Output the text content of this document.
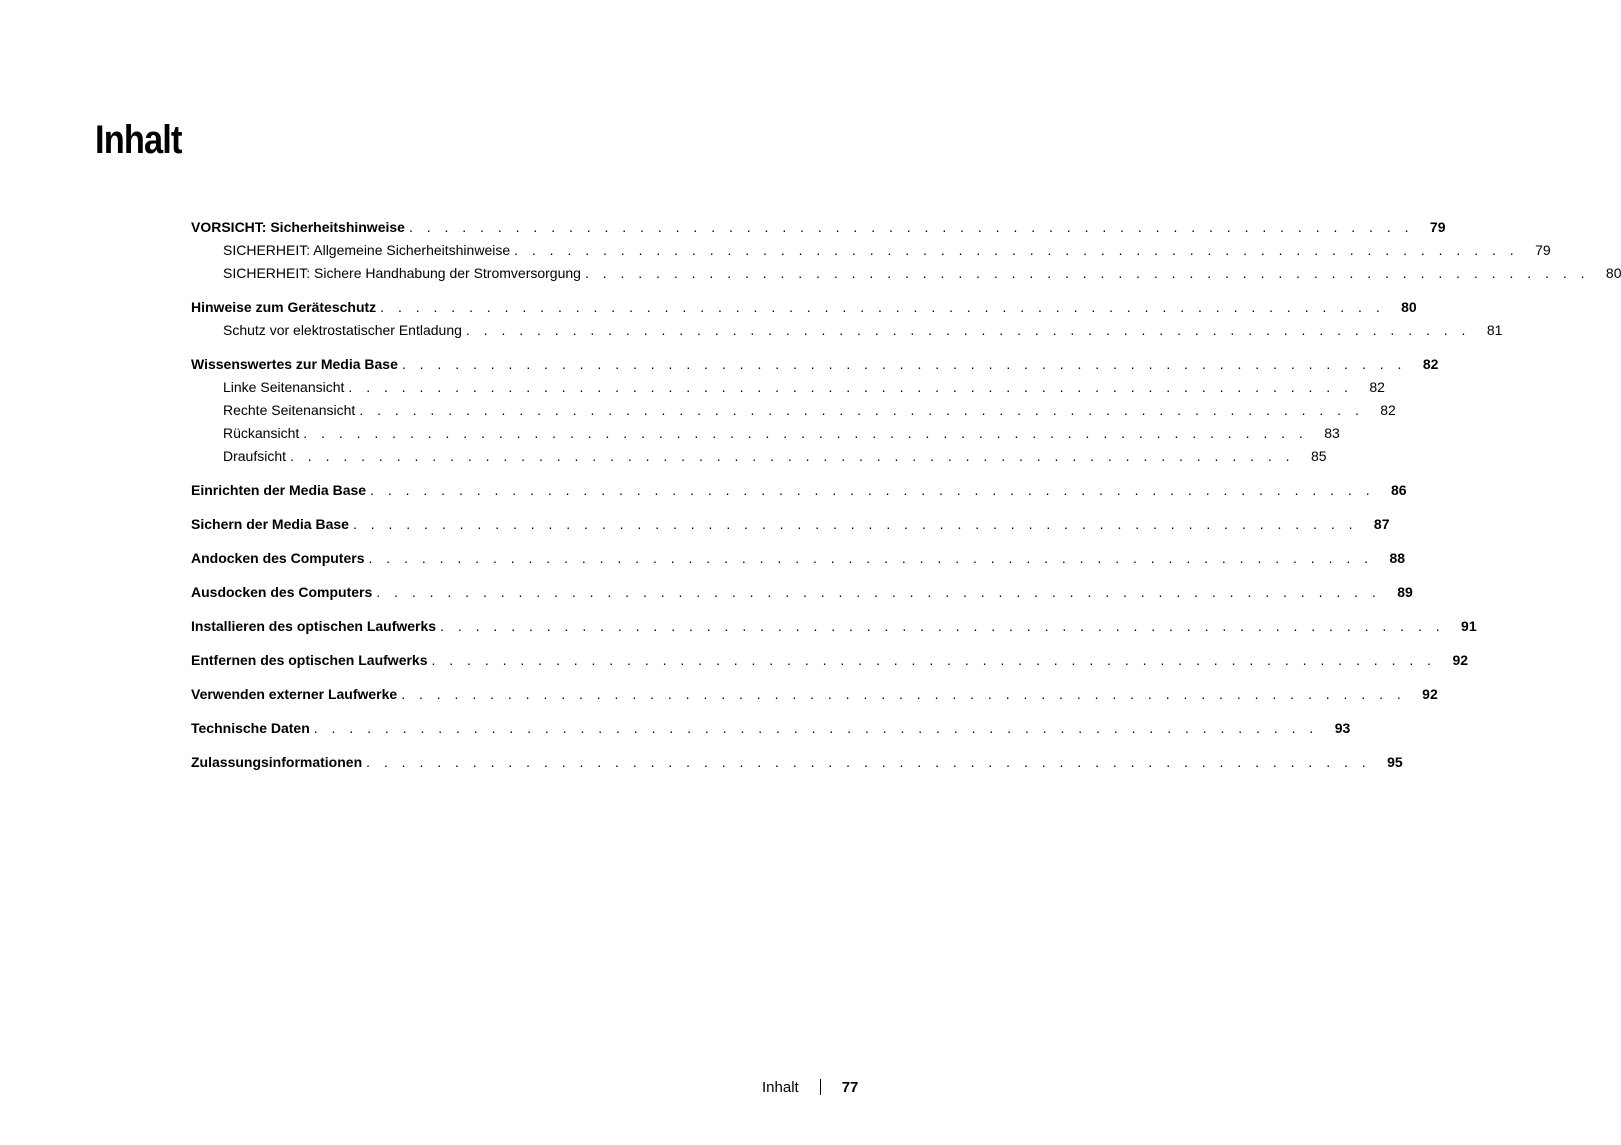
Inhalt
VORSICHT: Sicherheitshinweise . . . . . . . . . . . . . . . . . . . . . . . . . . . . . . . . . . . . . . . . . . . . . . . . . . . . . . . . . 79
SICHERHEIT: Allgemeine Sicherheitshinweise . . . . . . . . . . . . . . . . . . . . . . . . . . . . . . . . . . . . . . . . . . . . . . . . . . . . . . . . . 79
SICHERHEIT: Sichere Handhabung der Stromversorgung . . . . . . . . . . . . . . . . . . . . . . . . . . . . . . . . . . . . . . . . . . . . . . . . . . . . . . . . . 80
Hinweise zum Geräteschutz . . . . . . . . . . . . . . . . . . . . . . . . . . . . . . . . . . . . . . . . . . . . . . . . . . . . . . . . . 80
Schutz vor elektrostatischer Entladung . . . . . . . . . . . . . . . . . . . . . . . . . . . . . . . . . . . . . . . . . . . . . . . . . . . . . . . . . 81
Wissenswertes zur Media Base . . . . . . . . . . . . . . . . . . . . . . . . . . . . . . . . . . . . . . . . . . . . . . . . . . . . . . . . . 82
Linke Seitenansicht . . . . . . . . . . . . . . . . . . . . . . . . . . . . . . . . . . . . . . . . . . . . . . . . . . . . . . . . . 82
Rechte Seitenansicht . . . . . . . . . . . . . . . . . . . . . . . . . . . . . . . . . . . . . . . . . . . . . . . . . . . . . . . . . 82
Rückansicht . . . . . . . . . . . . . . . . . . . . . . . . . . . . . . . . . . . . . . . . . . . . . . . . . . . . . . . . . 83
Draufsicht . . . . . . . . . . . . . . . . . . . . . . . . . . . . . . . . . . . . . . . . . . . . . . . . . . . . . . . . . 85
Einrichten der Media Base . . . . . . . . . . . . . . . . . . . . . . . . . . . . . . . . . . . . . . . . . . . . . . . . . . . . . . . . . 86
Sichern der Media Base . . . . . . . . . . . . . . . . . . . . . . . . . . . . . . . . . . . . . . . . . . . . . . . . . . . . . . . . . 87
Andocken des Computers . . . . . . . . . . . . . . . . . . . . . . . . . . . . . . . . . . . . . . . . . . . . . . . . . . . . . . . . . 88
Ausdocken des Computers . . . . . . . . . . . . . . . . . . . . . . . . . . . . . . . . . . . . . . . . . . . . . . . . . . . . . . . . . 89
Installieren des optischen Laufwerks . . . . . . . . . . . . . . . . . . . . . . . . . . . . . . . . . . . . . . . . . . . . . . . . . . . . . . . . . 91
Entfernen des optischen Laufwerks . . . . . . . . . . . . . . . . . . . . . . . . . . . . . . . . . . . . . . . . . . . . . . . . . . . . . . . . . 92
Verwenden externer Laufwerke . . . . . . . . . . . . . . . . . . . . . . . . . . . . . . . . . . . . . . . . . . . . . . . . . . . . . . . . . 92
Technische Daten . . . . . . . . . . . . . . . . . . . . . . . . . . . . . . . . . . . . . . . . . . . . . . . . . . . . . . . . . 93
Zulassungsinformationen . . . . . . . . . . . . . . . . . . . . . . . . . . . . . . . . . . . . . . . . . . . . . . . . . . . . . . . . . 95
Inhalt	77
